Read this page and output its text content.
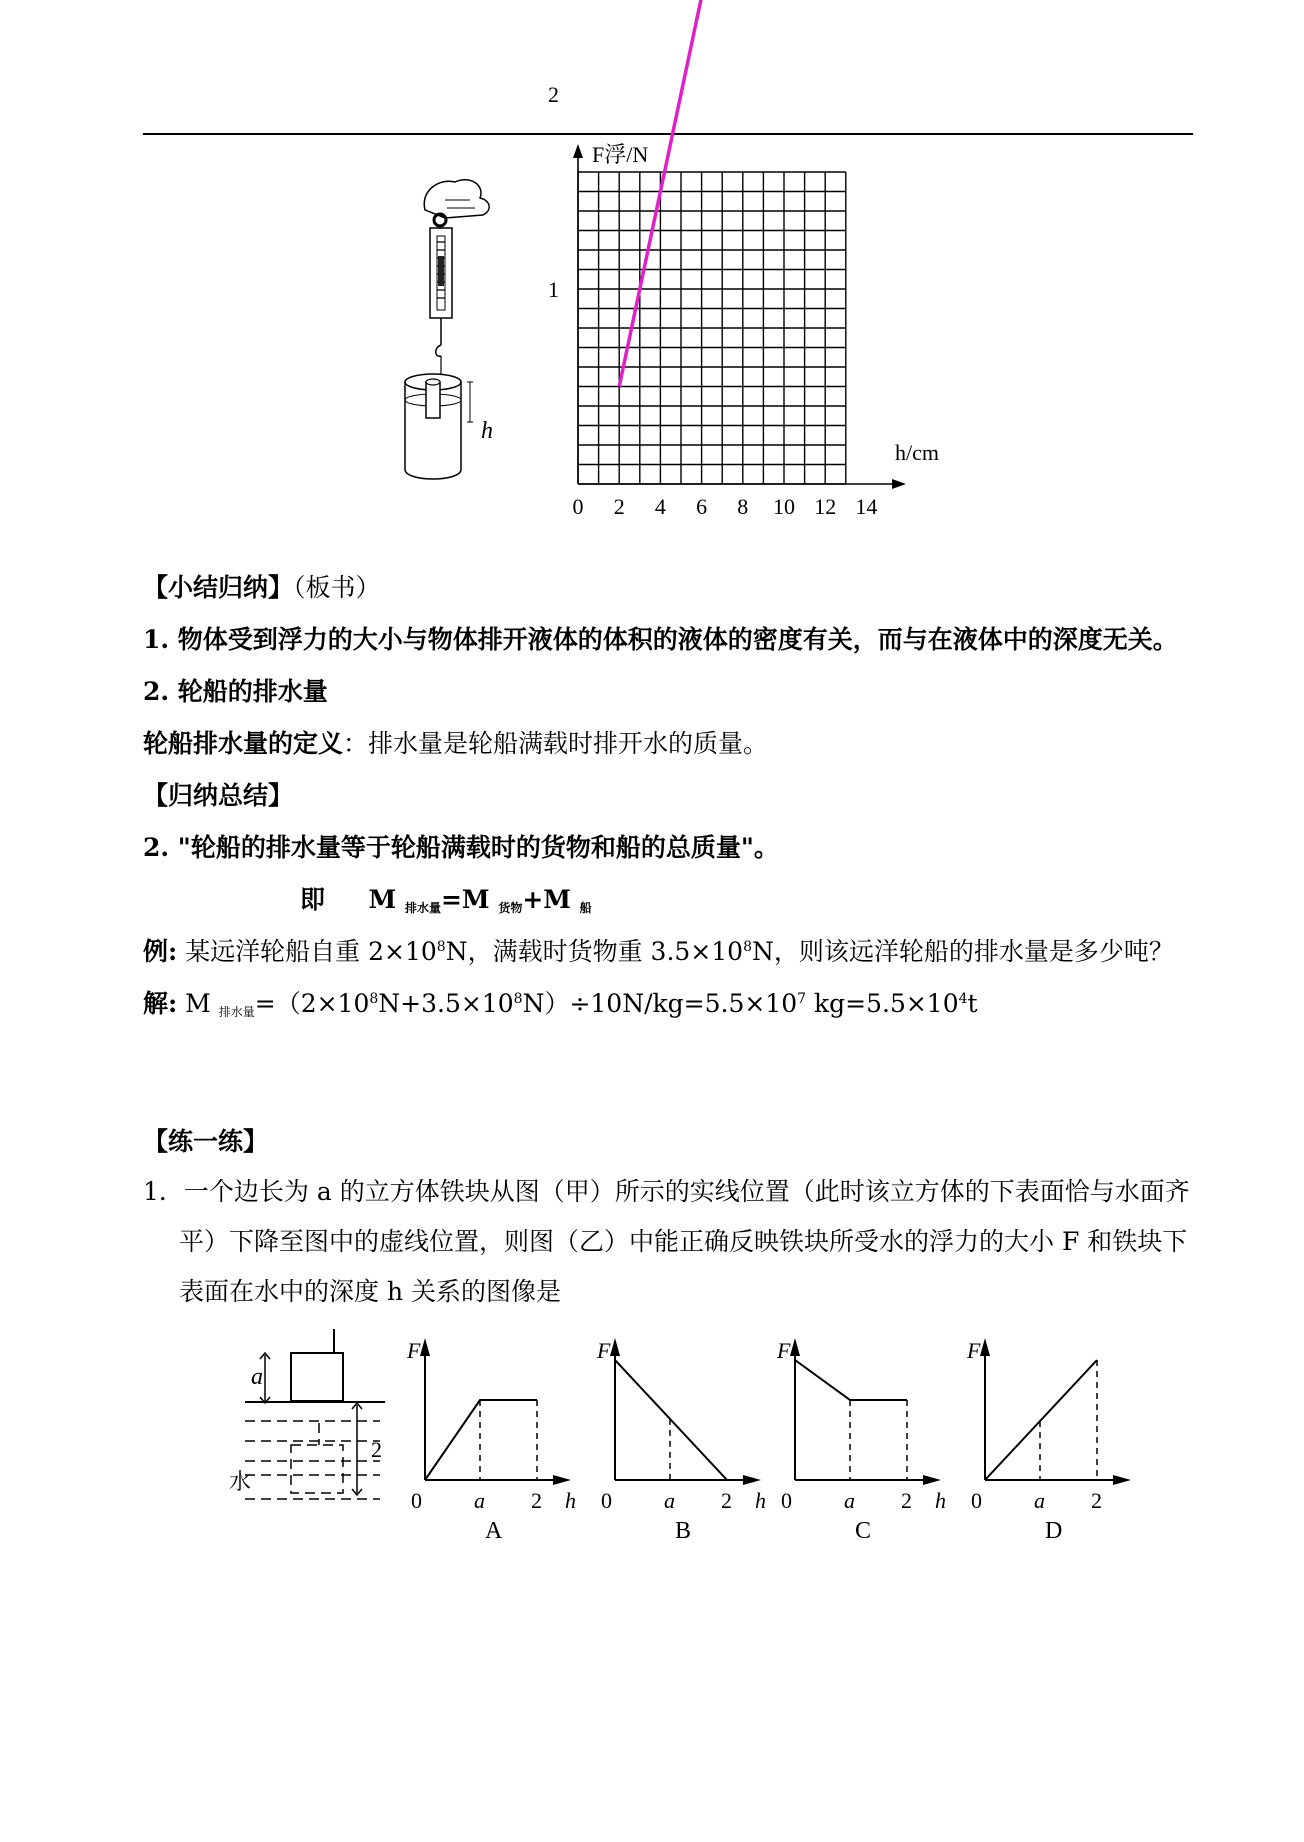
h
F浮/N
h/cm
1
2
0 2 4 6 8 10 12 14
【小结归纳】（板书）
1. 物体受到浮力的大小与物体排开液体的体积的液体的密度有关，而与在液体中的深度无关。
2. 轮船的排水量
轮船排水量的定义：排水量是轮船满载时排开水的质量。
【归纳总结】
2. "轮船的排水量等于轮船满载时的货物和船的总质量"。
即 M $_{排水量}$=M $_{货物}$+M $_船$
例: 某远洋轮船自重 $2\times 10^8N$，满载时货物重 $3.5\times 10^8N$，则该远洋轮船的排水量是多少吨？
解: M $_{排水量}=(2\times 10^8N+3.5\times 10^8N)\div 10N/kg=5.5\times 10^7$ $kg=5.5\times 10^4t$
【练一练】
1．一个边长为 a 的立方体铁块从图（甲）所示的实线位置（此时该立方体的下表面恰与水面齐平）下降至图中的虚线位置，则图（乙）中能正确反映铁块所受水的浮力的大小 F 和铁块下表面在水中的深度 h 关系的图像是
a
2
水
F
0 a 2 h
A
F
0 a 2 h
B
F
0 a 2 h
C
F
0 a 2
D
